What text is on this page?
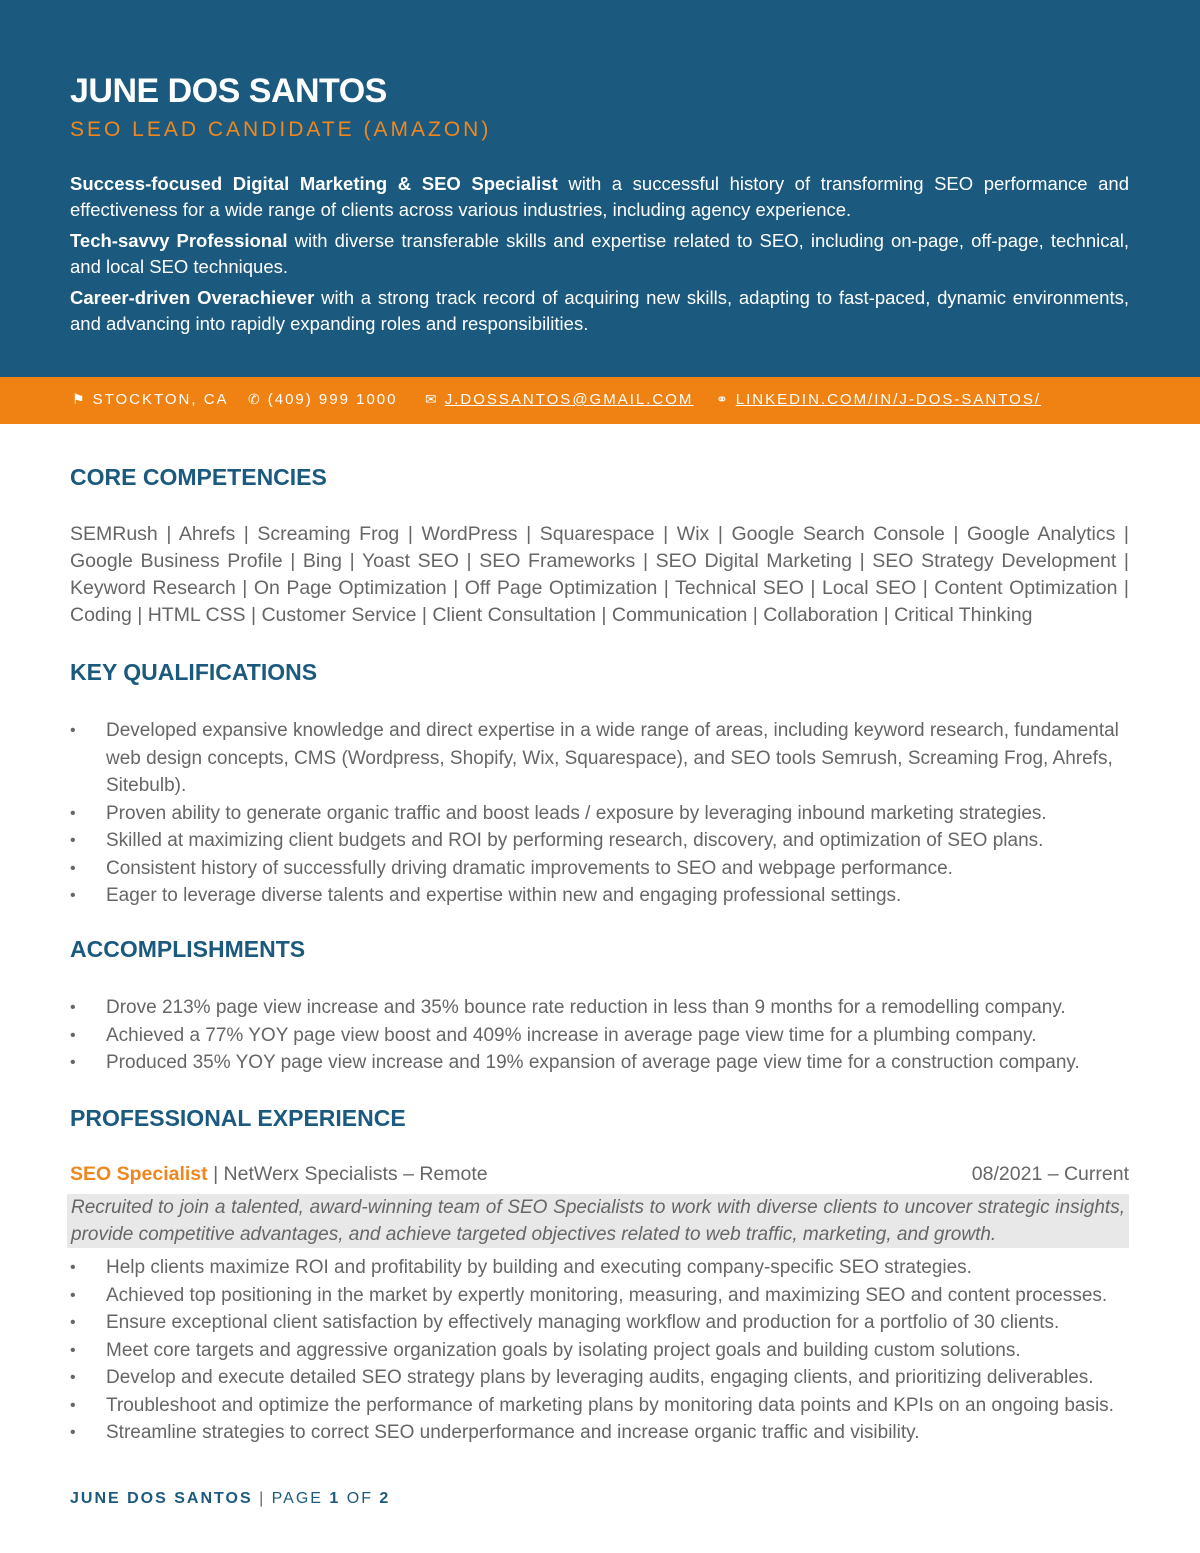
JUNE DOS SANTOS
SEO LEAD CANDIDATE (AMAZON)

Success-focused Digital Marketing & SEO Specialist with a successful history of transforming SEO performance and effectiveness for a wide range of clients across various industries, including agency experience.

Tech-savvy Professional with diverse transferable skills and expertise related to SEO, including on-page, off-page, technical, and local SEO techniques.

Career-driven Overachiever with a strong track record of acquiring new skills, adapting to fast-paced, dynamic environments, and advancing into rapidly expanding roles and responsibilities.

⚑ STOCKTON, CA ✆ (409) 999 1000 ✉ J.DOSSANTOS@GMAIL.COM ⚭ LINKEDIN.COM/IN/J-DOS-SANTOS/
CORE COMPETENCIES
SEMRush | Ahrefs | Screaming Frog | WordPress | Squarespace | Wix | Google Search Console | Google Analytics | Google Business Profile | Bing | Yoast SEO | SEO Frameworks | SEO Digital Marketing | SEO Strategy Development | Keyword Research | On Page Optimization | Off Page Optimization | Technical SEO | Local SEO | Content Optimization | Coding | HTML CSS | Customer Service | Client Consultation | Communication | Collaboration | Critical Thinking
KEY QUALIFICATIONS
• Developed expansive knowledge and direct expertise in a wide range of areas, including keyword research, fundamental web design concepts, CMS (Wordpress, Shopify, Wix, Squarespace), and SEO tools Semrush, Screaming Frog, Ahrefs, Sitebulb).
• Proven ability to generate organic traffic and boost leads / exposure by leveraging inbound marketing strategies.
• Skilled at maximizing client budgets and ROI by performing research, discovery, and optimization of SEO plans.
• Consistent history of successfully driving dramatic improvements to SEO and webpage performance.
• Eager to leverage diverse talents and expertise within new and engaging professional settings.
ACCOMPLISHMENTS
• Drove 213% page view increase and 35% bounce rate reduction in less than 9 months for a remodelling company.
• Achieved a 77% YOY page view boost and 409% increase in average page view time for a plumbing company.
• Produced 35% YOY page view increase and 19% expansion of average page view time for a construction company.
PROFESSIONAL EXPERIENCE
SEO Specialist | NetWerx Specialists – Remote	08/2021 – Current
Recruited to join a talented, award-winning team of SEO Specialists to work with diverse clients to uncover strategic insights, provide competitive advantages, and achieve targeted objectives related to web traffic, marketing, and growth.
• Help clients maximize ROI and profitability by building and executing company-specific SEO strategies.
• Achieved top positioning in the market by expertly monitoring, measuring, and maximizing SEO and content processes.
• Ensure exceptional client satisfaction by effectively managing workflow and production for a portfolio of 30 clients.
• Meet core targets and aggressive organization goals by isolating project goals and building custom solutions.
• Develop and execute detailed SEO strategy plans by leveraging audits, engaging clients, and prioritizing deliverables.
• Troubleshoot and optimize the performance of marketing plans by monitoring data points and KPIs on an ongoing basis.
• Streamline strategies to correct SEO underperformance and increase organic traffic and visibility.
JUNE DOS SANTOS | PAGE 1 OF 2
